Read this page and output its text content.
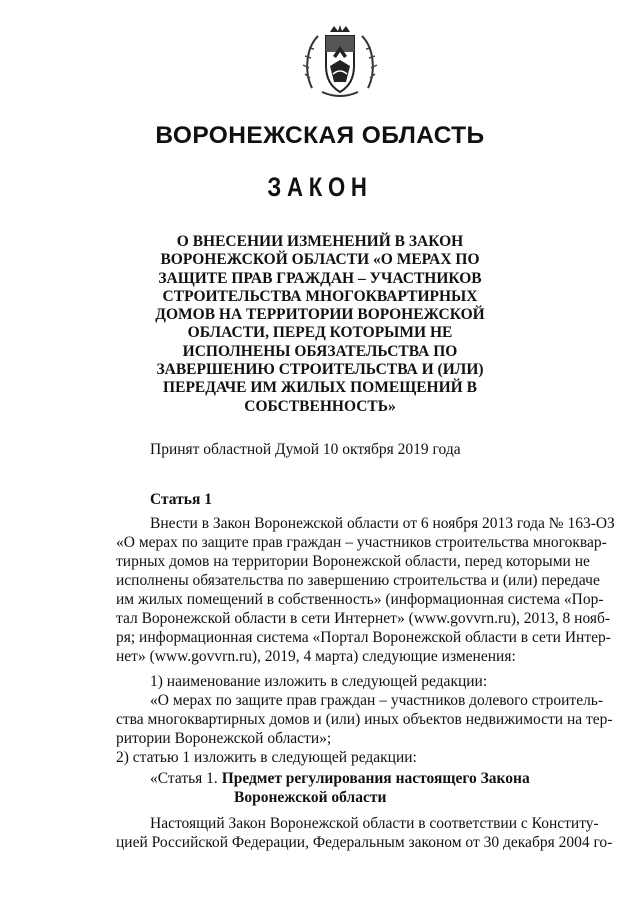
ВОРОНЕЖСКАЯ ОБЛАСТЬ
ЗАКОН
О ВНЕСЕНИИ ИЗМЕНЕНИЙ В ЗАКОН
ВОРОНЕЖСКОЙ ОБЛАСТИ «О МЕРАХ ПО
ЗАЩИТЕ ПРАВ ГРАЖДАН – УЧАСТНИКОВ
СТРОИТЕЛЬСТВА МНОГОКВАРТИРНЫХ
ДОМОВ НА ТЕРРИТОРИИ ВОРОНЕЖСКОЙ
ОБЛАСТИ, ПЕРЕД КОТОРЫМИ НЕ
ИСПОЛНЕНЫ ОБЯЗАТЕЛЬСТВА ПО
ЗАВЕРШЕНИЮ СТРОИТЕЛЬСТВА И (ИЛИ)
ПЕРЕДАЧЕ ИМ ЖИЛЫХ ПОМЕЩЕНИЙ В
СОБСТВЕННОСТЬ»
Принят областной Думой 10 октября 2019 года
Статья 1
Внести в Закон Воронежской области от 6 ноября 2013 года № 163-ОЗ
«О мерах по защите прав граждан – участников строительства многоквар-
тирных домов на территории Воронежской области, перед которыми не
исполнены обязательства по завершению строительства и (или) передаче
им жилых помещений в собственность» (информационная система «Пор-
тал Воронежской области в сети Интернет» (www.govvrn.ru), 2013, 8 нояб-
ря; информационная система «Портал Воронежской области в сети Интер-
нет» (www.govvrn.ru), 2019, 4 марта) следующие изменения:
1) наименование изложить в следующей редакции:
«О мерах по защите прав граждан – участников долевого строитель-
ства многоквартирных домов и (или) иных объектов недвижимости на тер-
ритории Воронежской области»;
2) статью 1 изложить в следующей редакции:
«Статья 1. Предмет регулирования настоящего Закона
Воронежской области
Настоящий Закон Воронежской области в соответствии с Конститу-
цией Российской Федерации, Федеральным законом от 30 декабря 2004 го-
